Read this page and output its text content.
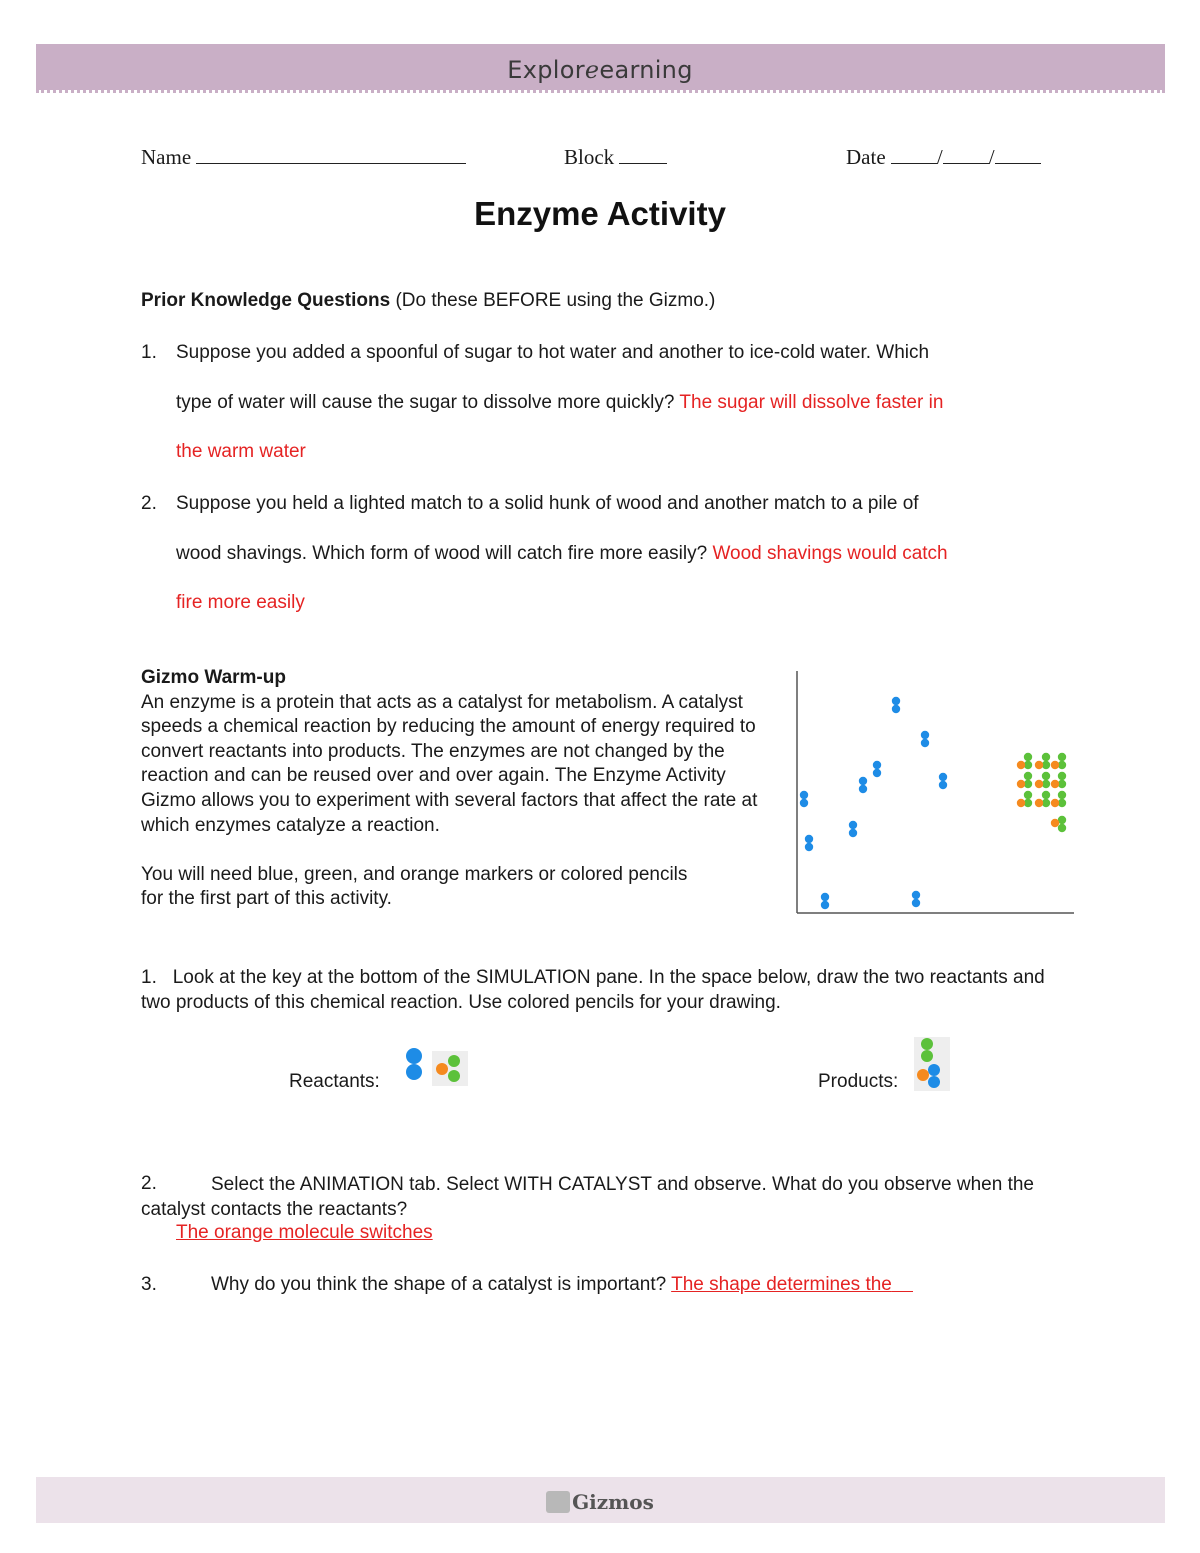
Exploreearning
Name	Block	Date / /
Enzyme Activity
Prior Knowledge Questions (Do these BEFORE using the Gizmo.)
1. Suppose you added a spoonful of sugar to hot water and another to ice-cold water. Which
type of water will cause the sugar to dissolve more quickly? The sugar will dissolve faster in
the warm water
2. Suppose you held a lighted match to a solid hunk of wood and another match to a pile of
wood shavings. Which form of wood will catch fire more easily? Wood shavings would catch
fire more easily
Gizmo Warm-up
An enzyme is a protein that acts as a catalyst for metabolism. A catalyst speeds a chemical reaction by reducing the amount of energy required to convert reactants into products. The enzymes are not changed by the reaction and can be reused over and over again. The Enzyme Activity Gizmo allows you to experiment with several factors that affect the rate at which enzymes catalyze a reaction.
You will need blue, green, and orange markers or colored pencils for the first part of this activity.
1. Look at the key at the bottom of the SIMULATION pane. In the space below, draw the two reactants and two products of this chemical reaction. Use colored pencils for your drawing.
Reactants:	Products:
2.	Select the ANIMATION tab. Select WITH CATALYST and observe. What do you observe when the catalyst contacts the reactants?
The orange molecule switches
3.	Why do you think the shape of a catalyst is important? The shape determines the
Gizmos
